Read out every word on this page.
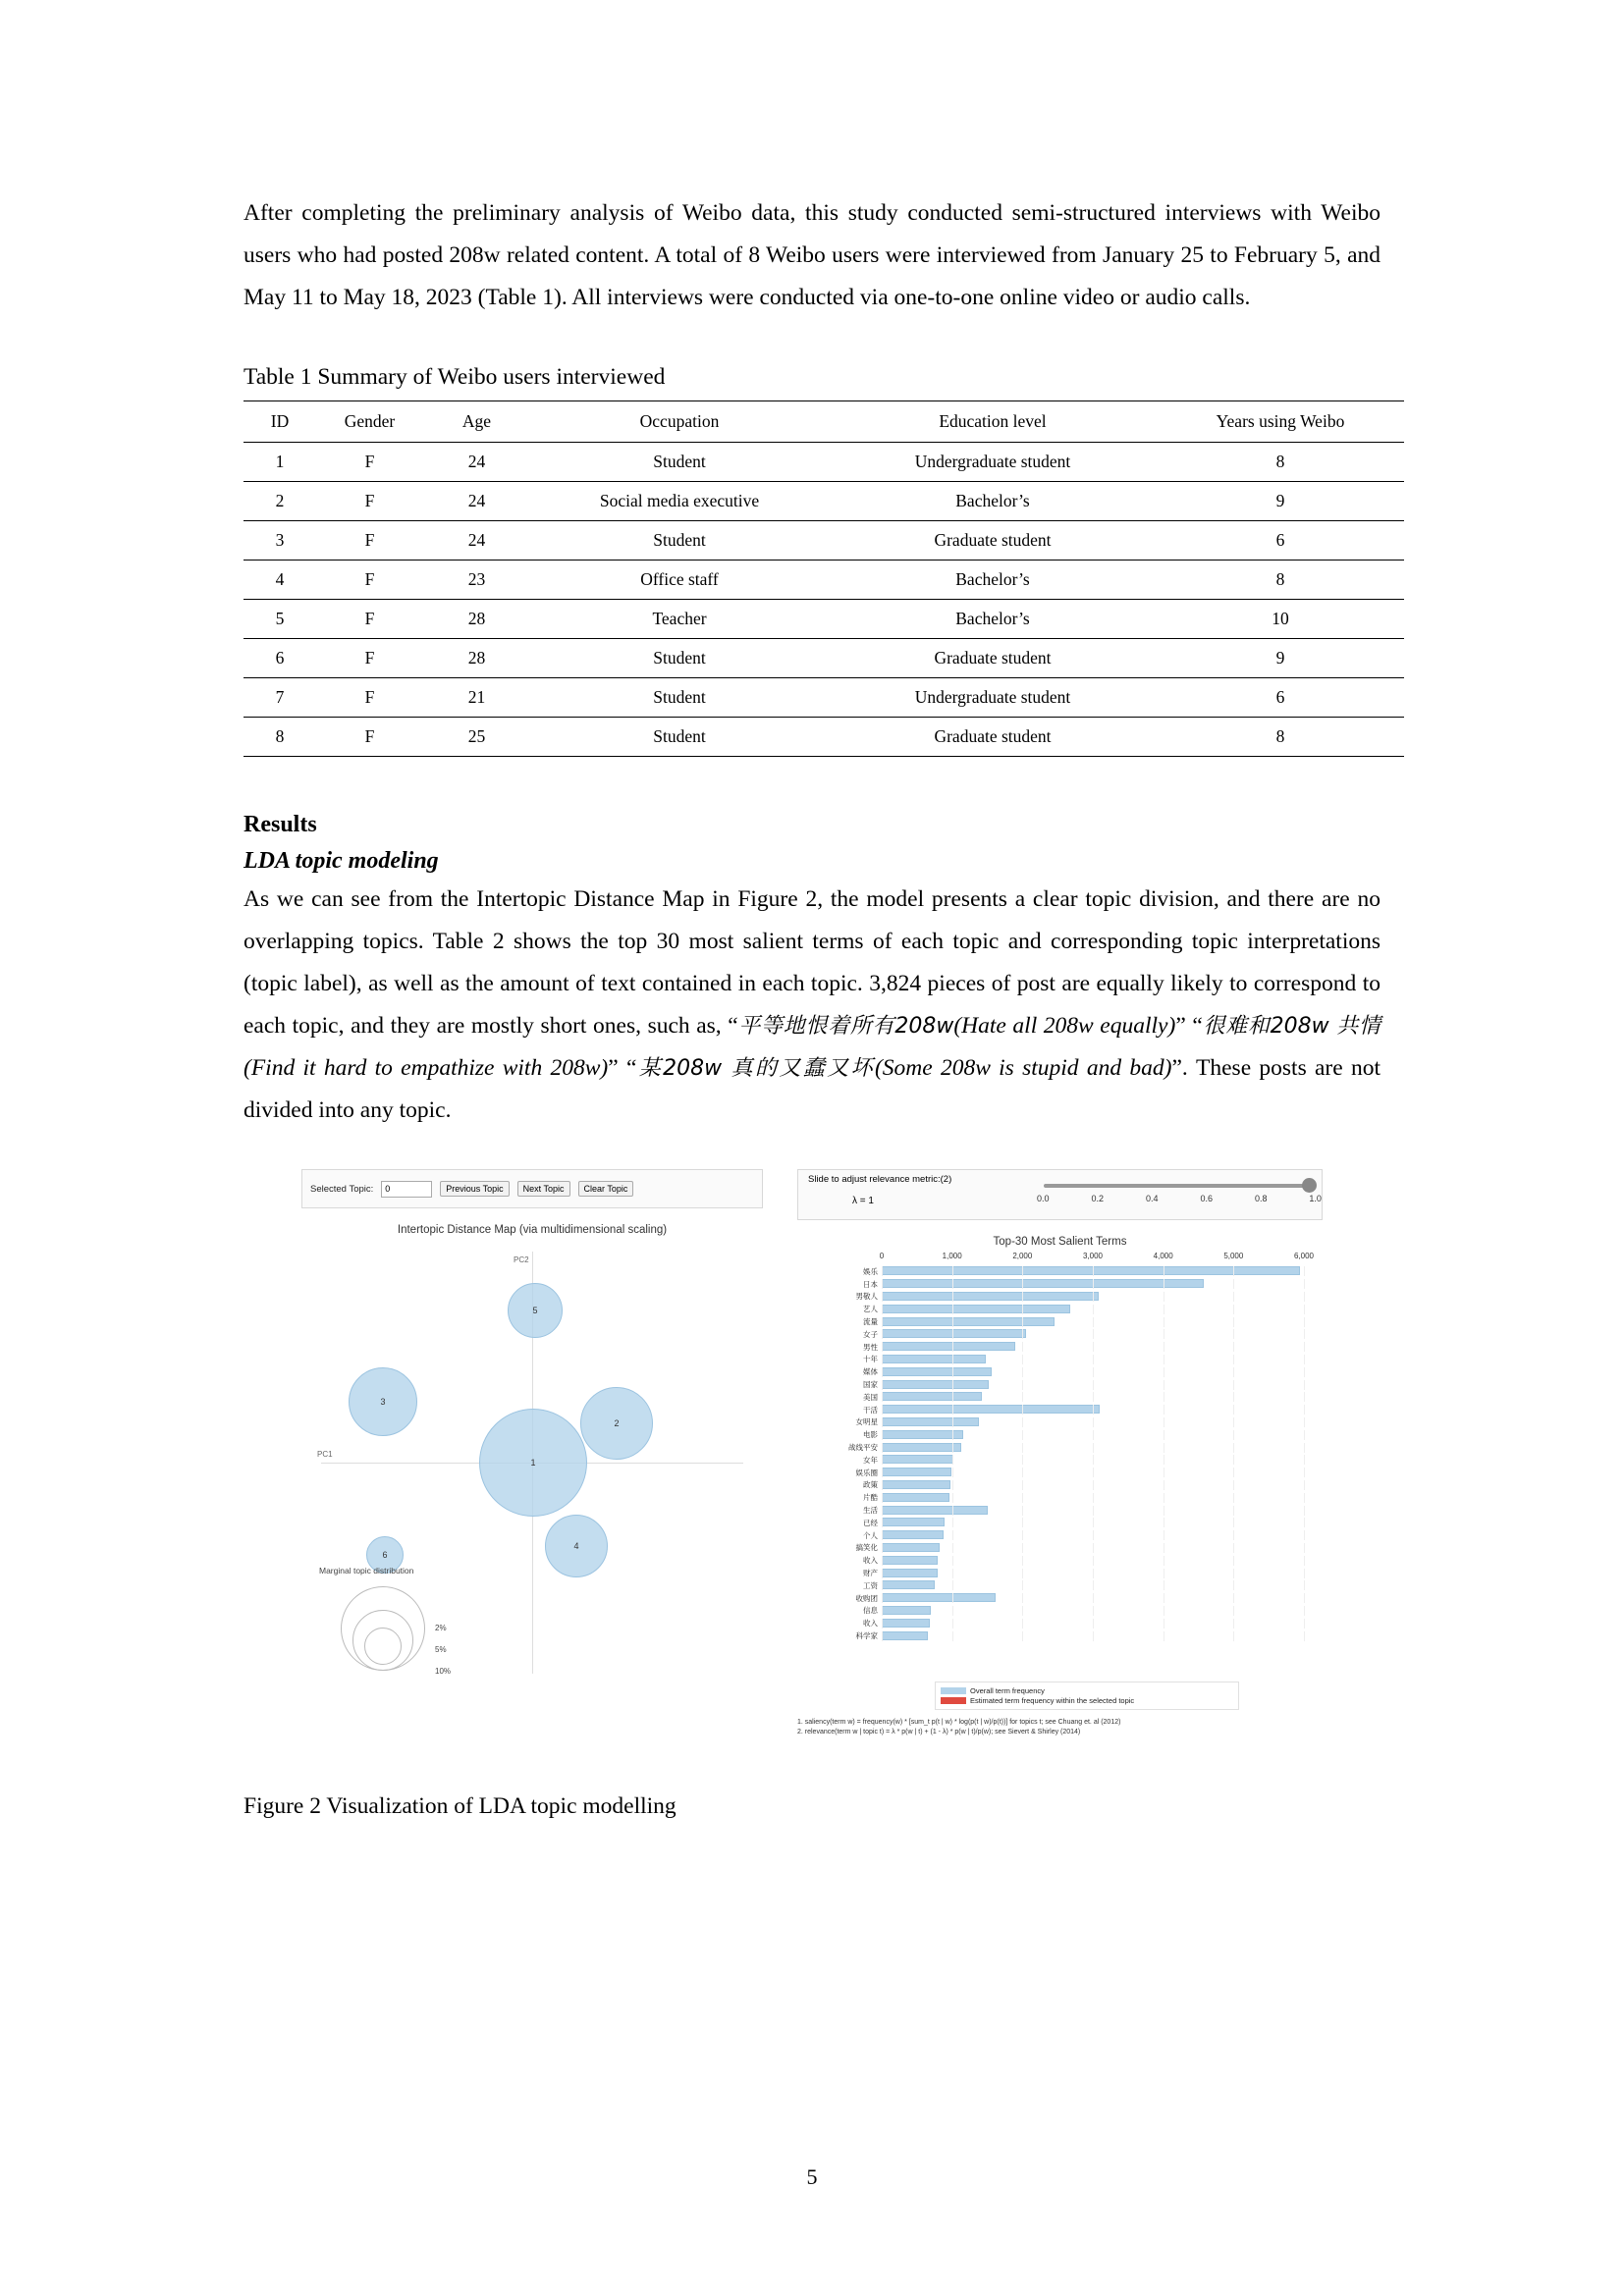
After completing the preliminary analysis of Weibo data, this study conducted semi-structured interviews with Weibo users who had posted 208w related content. A total of 8 Weibo users were interviewed from January 25 to February 5, and May 11 to May 18, 2023 (Table 1). All interviews were conducted via one-to-one online video or audio calls.

Table 1 Summary of Weibo users interviewed
ID	Gender	Age	Occupation	Education level	Years using Weibo
1	F	24	Student	Undergraduate student	8
2	F	24	Social media executive	Bachelor’s	9
3	F	24	Student	Graduate student	6
4	F	23	Office staff	Bachelor’s	8
5	F	28	Teacher	Bachelor’s	10
6	F	28	Student	Graduate student	9
7	F	21	Student	Undergraduate student	6
8	F	25	Student	Graduate student	8
Results
LDA topic modeling

As we can see from the Intertopic Distance Map in Figure 2, the model presents a clear topic division, and there are no overlapping topics. Table 2 shows the top 30 most salient terms of each topic and corresponding topic interpretations (topic label), as well as the amount of text contained in each topic. 3,824 pieces of post are equally likely to correspond to each topic, and they are mostly short ones, such as, “平等地恨着所有208w(Hate all 208w equally)” “很难和208w 共情(Find it hard to empathize with 208w)” “某208w 真的又蠢又坏(Some 208w is stupid and bad)”. These posts are not divided into any topic.

Selected Topic:
0	Previous Topic	Next Topic	Clear Topic
Intertopic Distance Map (via multidimensional scaling)
PC2
PC1
1
2
3
4
5
6
Marginal topic distribution
2%
5%
10%
Slide to adjust relevance metric:(2)
λ = 1	0.0	0.2	0.4	0.6	0.8	1.0
Top-30 Most Salient Terms
0	1,000	2,000	3,000	4,000	5,000	6,000
娛乐
日本
男敬人
艺人
流量
女子
男性
十年
媒体
国家
美国
干活
女明星
电影
战线平安
女年
娱乐圈
政策
片酷
生活
已经
个人
搞笑化
收入
财产
工资
收购团
信息
收入
科学家
Overall term frequency
Estimated term frequency within the selected topic
1. saliency(term w) = frequency(w) * [sum_t p(t | w) * log(p(t | w)/p(t))] for topics t; see Chuang et. al (2012)
2. relevance(term w | topic t) = λ * p(w | t) + (1 - λ) * p(w | t)/p(w); see Sievert & Shirley (2014)
Figure 2 Visualization of LDA topic modelling
5
